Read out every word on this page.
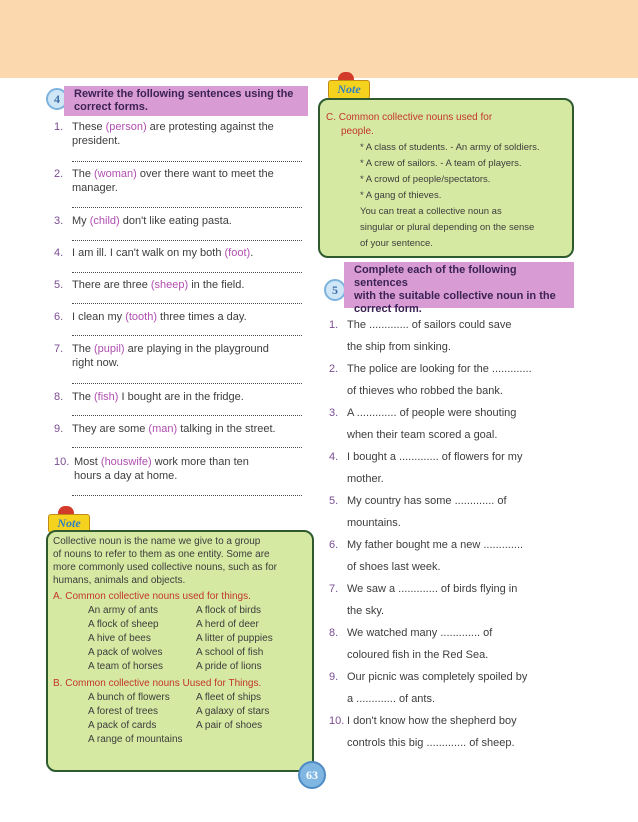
4	Rewrite the following sentences using the
correct forms.
1. These (person) are protesting against the
president.
2. The (woman) over there want to meet the
manager.
3. My (child) don't like eating pasta.
4. I am ill. I can't walk on my both (foot).
5. There are three (sheep) in the field.
6. I clean my (tooth) three times a day.
7. The (pupil) are playing in the playground
right now.
8. The (fish) I bought are in the fridge.
9. They are some (man) talking in the street.
10. Most (houswife) work more than ten
hours a day at home.
Note
Collective noun is the name we give to a group
of nouns to refer to them as one entity. Some are
more commonly used collective nouns, such as for
humans, animals and objects.
A. Common collective nouns used for things.
An army of ants	A flock of birds
A flock of sheep	A herd of deer
A hive of bees	A litter of puppies
A pack of wolves	A school of fish
A team of horses	A pride of lions
B. Common collective nouns Uused for Things.
A bunch of flowers	A fleet of ships
A forest of trees	A galaxy of stars
A pack of cards	A pair of shoes
A range of mountains
Note
C. Common collective nouns used for
people.
* A class of students. - An army of soldiers.
* A crew of sailors. - A team of players.
* A crowd of people/spectators.
* A gang of thieves.
You can treat a collective noun as
singular or plural depending on the sense
of your sentence.
5
Complete each of the following sentences
with the suitable collective noun in the
correct form.
1. The ............. of sailors could save
the ship from sinking.
2. The police are looking for the .............
of thieves who robbed the bank.
3. A ............. of people were shouting
when their team scored a goal.
4. I bought a ............. of flowers for my
mother.
5. My country has some ............. of
mountains.
6. My father bought me a new .............
of shoes last week.
7. We saw a ............. of birds flying in
the sky.
8. We watched many ............. of
coloured fish in the Red Sea.
9. Our picnic was completely spoiled by
a ............. of ants.
10. I don't know how the shepherd boy
controls this big ............. of sheep.
63
